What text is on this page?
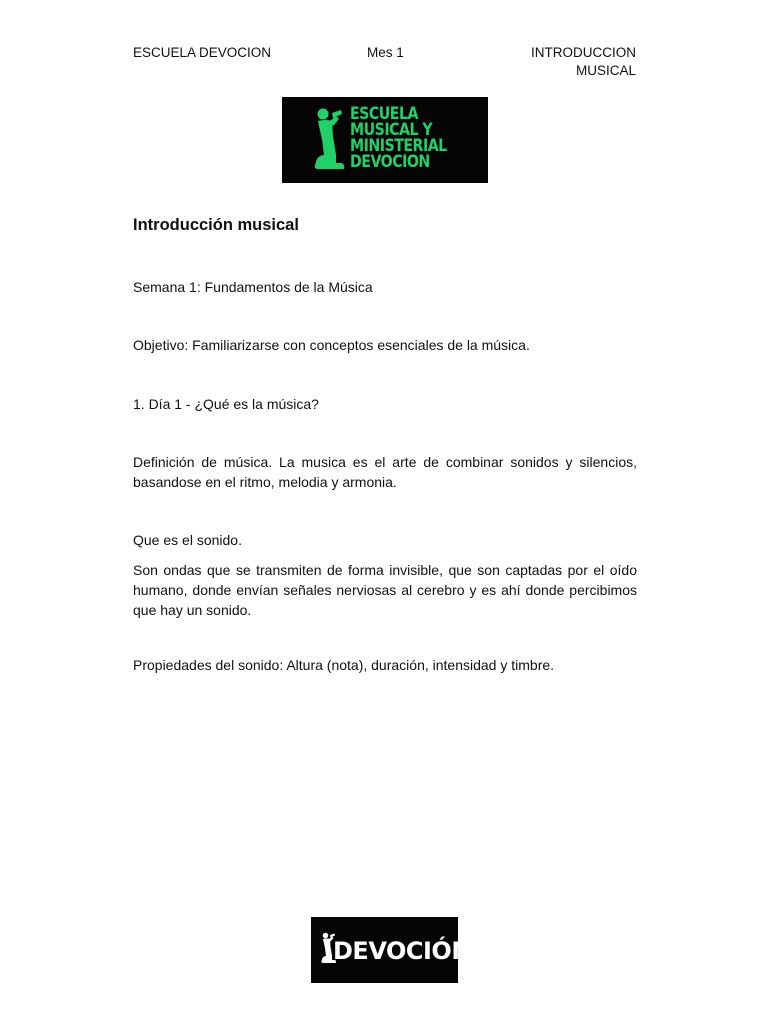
ESCUELA DEVOCION	Mes 1	INTRODUCCION
MUSICAL
ESCUELA
MUSICAL Y
MINISTERIAL
DEVOCION
Introducción musical

Semana 1: Fundamentos de la Música

Objetivo: Familiarizarse con conceptos esenciales de la música.

1. Día 1 - ¿Qué es la música?

Definición de música. La musica es el arte de combinar sonidos y silencios, basandose en el ritmo, melodia y armonia.

Que es el sonido.

Son ondas que se transmiten de forma invisible, que son captadas por el oído humano, donde envían señales nerviosas al cerebro y es ahí donde percibimos que hay un sonido.

Propiedades del sonido: Altura (nota), duración, intensidad y timbre.

DEVOCIÓN
